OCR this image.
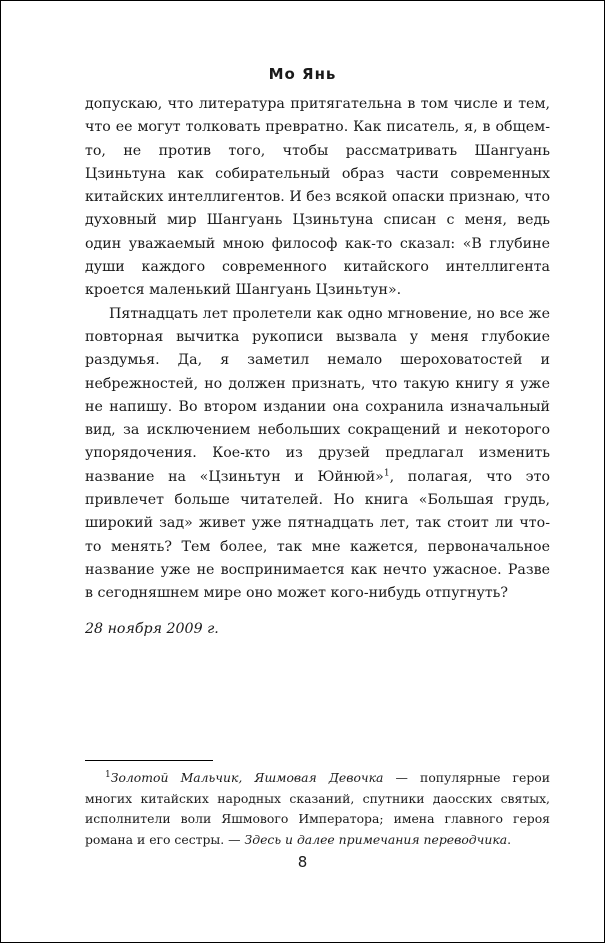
Мо Янь

допускаю, что литература притягательна в том числе и тем, что ее могут толковать превратно. Как писатель, я, в общем-то, не против того, чтобы рассматривать Шангуань Цзиньтуна как собирательный образ части современных китайских интеллигентов. И без всякой опаски признаю, что духовный мир Шангуань Цзиньтуна списан с меня, ведь один уважаемый мною философ как-то сказал: «В глубине души каждого современного китайского интеллигента кроется маленький Шангуань Цзиньтун».

Пятнадцать лет пролетели как одно мгновение, но все же повторная вычитка рукописи вызвала у меня глубокие раздумья. Да, я заметил немало шероховатостей и небрежностей, но должен признать, что такую книгу я уже не напишу. Во втором издании она сохранила изначальный вид, за исключением небольших сокращений и некоторого упорядочения. Кое-кто из друзей предлагал изменить название на «Цзиньтун и Юйнюй»$^1$, полагая, что это привлечет больше читателей. Но книга «Большая грудь, широкий зад» живет уже пятнадцать лет, так стоит ли что-то менять? Тем более, так мне кажется, первоначальное название уже не воспринимается как нечто ужасное. Разве в сегодняшнем мире оно может кого-нибудь отпугнуть?

28 ноября 2009 г.

$^1$Золотой Мальчик, Яшмовая Девочка — популярные герои многих китайских народных сказаний, спутники даосских святых, исполнители воли Яшмового Императора; имена главного героя романа и его сестры. — Здесь и далее примечания переводчика.
8
